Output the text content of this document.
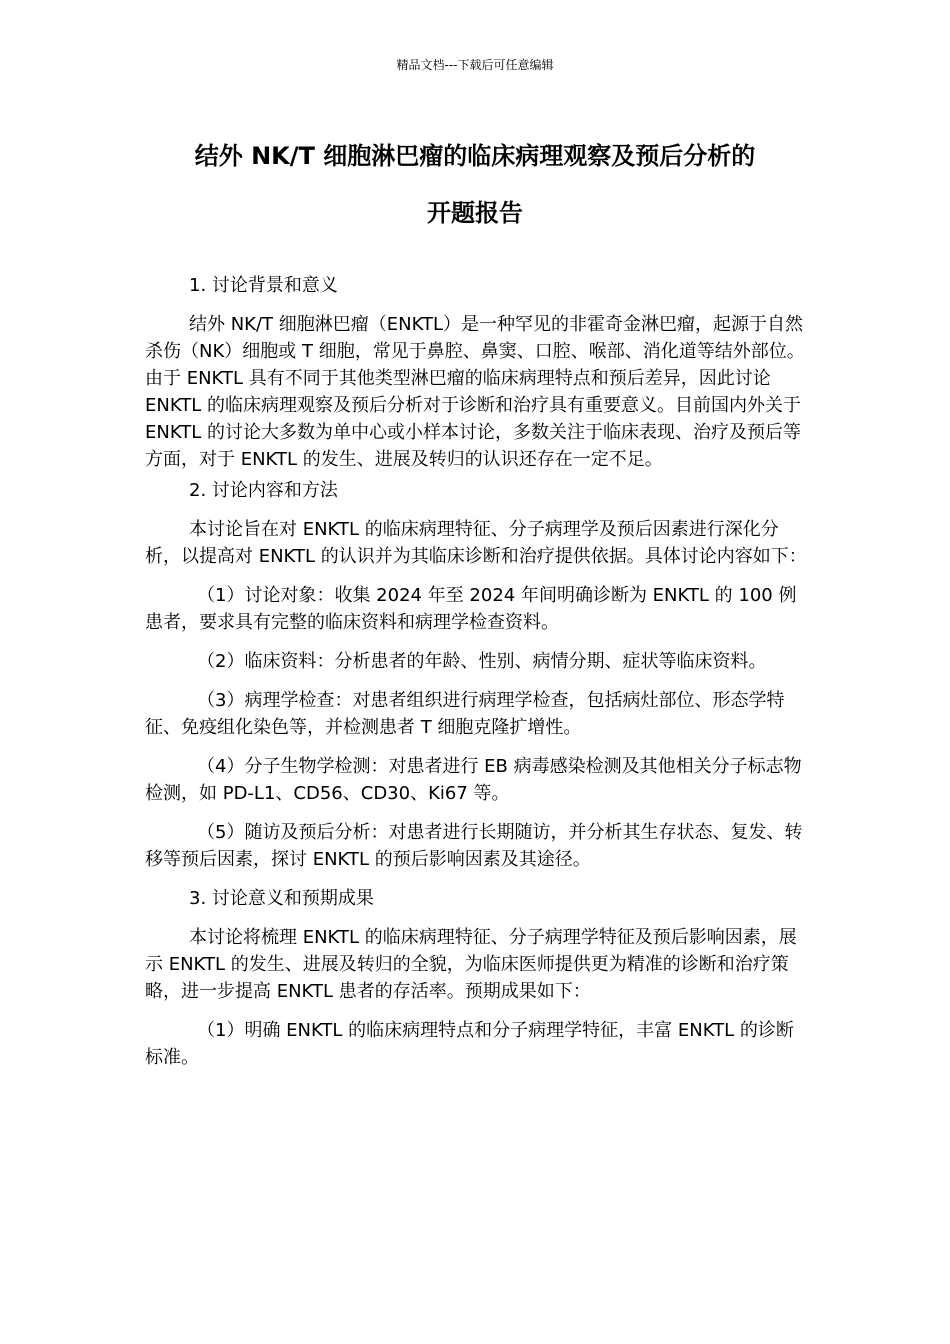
精品文档---下载后可任意编辑
结外 NK/T 细胞淋巴瘤的临床病理观察及预后分析的
开题报告

1. 讨论背景和意义

结外 NK/T 细胞淋巴瘤（ENKTL）是一种罕见的非霍奇金淋巴瘤，起源于自然杀伤（NK）细胞或 T 细胞，常见于鼻腔、鼻窦、口腔、喉部、消化道等结外部位。由于 ENKTL 具有不同于其他类型淋巴瘤的临床病理特点和预后差异，因此讨论 ENKTL 的临床病理观察及预后分析对于诊断和治疗具有重要意义。目前国内外关于 ENKTL 的讨论大多数为单中心或小样本讨论，多数关注于临床表现、治疗及预后等方面，对于 ENKTL 的发生、进展及转归的认识还存在一定不足。

2. 讨论内容和方法

本讨论旨在对 ENKTL 的临床病理特征、分子病理学及预后因素进行深化分析，以提高对 ENKTL 的认识并为其临床诊断和治疗提供依据。具体讨论内容如下：

（1）讨论对象：收集 2024 年至 2024 年间明确诊断为 ENKTL 的 100 例患者，要求具有完整的临床资料和病理学检查资料。

（2）临床资料：分析患者的年龄、性别、病情分期、症状等临床资料。

（3）病理学检查：对患者组织进行病理学检查，包括病灶部位、形态学特征、免疫组化染色等，并检测患者 T 细胞克隆扩增性。

（4）分子生物学检测：对患者进行 EB 病毒感染检测及其他相关分子标志物检测，如 PD-L1、CD56、CD30、Ki67 等。

（5）随访及预后分析：对患者进行长期随访，并分析其生存状态、复发、转移等预后因素，探讨 ENKTL 的预后影响因素及其途径。

3. 讨论意义和预期成果

本讨论将梳理 ENKTL 的临床病理特征、分子病理学特征及预后影响因素，展示 ENKTL 的发生、进展及转归的全貌，为临床医师提供更为精准的诊断和治疗策略，进一步提高 ENKTL 患者的存活率。预期成果如下：

（1）明确 ENKTL 的临床病理特点和分子病理学特征，丰富 ENKTL 的诊断标准。
